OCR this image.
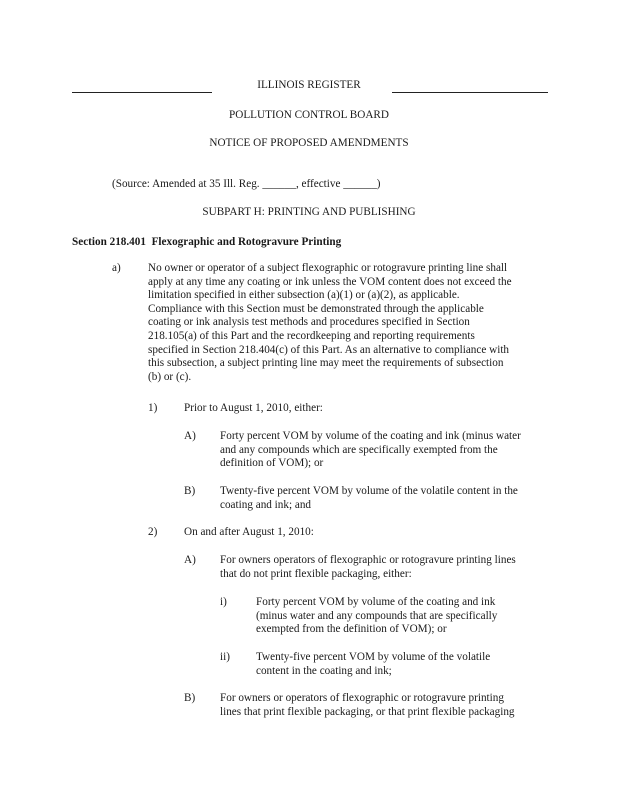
ILLINOIS REGISTER
POLLUTION CONTROL BOARD
NOTICE OF PROPOSED AMENDMENTS
(Source: Amended at 35 Ill. Reg. ______, effective ______)
SUBPART H: PRINTING AND PUBLISHING
Section 218.401 Flexographic and Rotogravure Printing
a) No owner or operator of a subject flexographic or rotogravure printing line shall
apply at any time any coating or ink unless the VOM content does not exceed the
limitation specified in either subsection (a)(1) or (a)(2), as applicable.
Compliance with this Section must be demonstrated through the applicable
coating or ink analysis test methods and procedures specified in Section
218.105(a) of this Part and the recordkeeping and reporting requirements
specified in Section 218.404(c) of this Part. As an alternative to compliance with
this subsection, a subject printing line may meet the requirements of subsection
(b) or (c).
1) Prior to August 1, 2010, either:
A) Forty percent VOM by volume of the coating and ink (minus water
and any compounds which are specifically exempted from the
definition of VOM); or
B) Twenty-five percent VOM by volume of the volatile content in the
coating and ink; and
2) On and after August 1, 2010:
A) For owners operators of flexographic or rotogravure printing lines
that do not print flexible packaging, either:
i)	Forty percent VOM by volume of the coating and ink
(minus water and any compounds that are specifically
exempted from the definition of VOM); or
ii) Twenty-five percent VOM by volume of the volatile
content in the coating and ink;
B) For owners or operators of flexographic or rotogravure printing
lines that print flexible packaging, or that print flexible packaging
